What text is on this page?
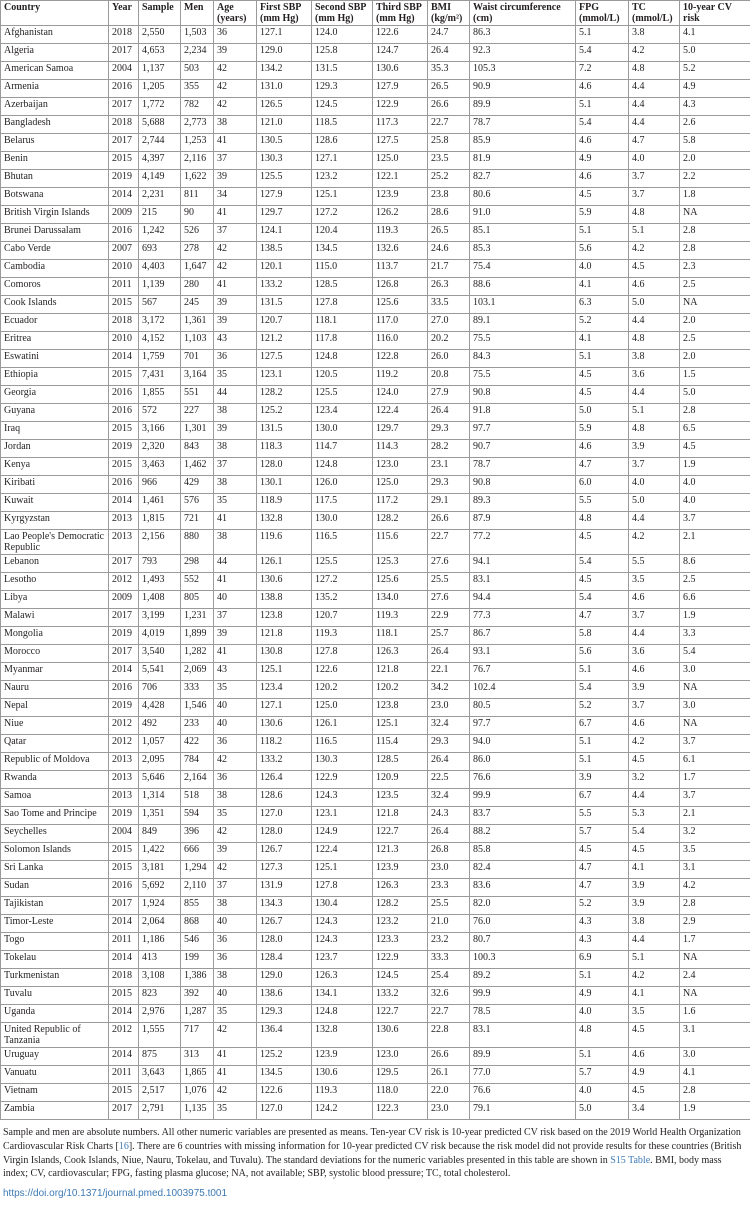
Country	Year	Sample	Men	Age (years)	First SBP (mm Hg)	Second SBP (mm Hg)	Third SBP (mm Hg)	BMI (kg/m²)	Waist circumference (cm)	FPG (mmol/L)	TC (mmol/L)	10-year CV risk
Afghanistan	2018	2,550	1,503	36	127.1	124.0	122.6	24.7	86.3	5.1	3.8	4.1
Algeria	2017	4,653	2,234	39	129.0	125.8	124.7	26.4	92.3	5.4	4.2	5.0
American Samoa	2004	1,137	503	42	134.2	131.5	130.6	35.3	105.3	7.2	4.8	5.2
Armenia	2016	1,205	355	42	131.0	129.3	127.9	26.5	90.9	4.6	4.4	4.9
Azerbaijan	2017	1,772	782	42	126.5	124.5	122.9	26.6	89.9	5.1	4.4	4.3
Bangladesh	2018	5,688	2,773	38	121.0	118.5	117.3	22.7	78.7	5.4	4.4	2.6
Belarus	2017	2,744	1,253	41	130.5	128.6	127.5	25.8	85.9	4.6	4.7	5.8
Benin	2015	4,397	2,116	37	130.3	127.1	125.0	23.5	81.9	4.9	4.0	2.0
Bhutan	2019	4,149	1,622	39	125.5	123.2	122.1	25.2	82.7	4.6	3.7	2.2
Botswana	2014	2,231	811	34	127.9	125.1	123.9	23.8	80.6	4.5	3.7	1.8
British Virgin Islands	2009	215	90	41	129.7	127.2	126.2	28.6	91.0	5.9	4.8	NA
Brunei Darussalam	2016	1,242	526	37	124.1	120.4	119.3	26.5	85.1	5.1	5.1	2.8
Cabo Verde	2007	693	278	42	138.5	134.5	132.6	24.6	85.3	5.6	4.2	2.8
Cambodia	2010	4,403	1,647	42	120.1	115.0	113.7	21.7	75.4	4.0	4.5	2.3
Comoros	2011	1,139	280	41	133.2	128.5	126.8	26.3	88.6	4.1	4.6	2.5
Cook Islands	2015	567	245	39	131.5	127.8	125.6	33.5	103.1	6.3	5.0	NA
Ecuador	2018	3,172	1,361	39	120.7	118.1	117.0	27.0	89.1	5.2	4.4	2.0
Eritrea	2010	4,152	1,103	43	121.2	117.8	116.0	20.2	75.5	4.1	4.8	2.5
Eswatini	2014	1,759	701	36	127.5	124.8	122.8	26.0	84.3	5.1	3.8	2.0
Ethiopia	2015	7,431	3,164	35	123.1	120.5	119.2	20.8	75.5	4.5	3.6	1.5
Georgia	2016	1,855	551	44	128.2	125.5	124.0	27.9	90.8	4.5	4.4	5.0
Guyana	2016	572	227	38	125.2	123.4	122.4	26.4	91.8	5.0	5.1	2.8
Iraq	2015	3,166	1,301	39	131.5	130.0	129.7	29.3	97.7	5.9	4.8	6.5
Jordan	2019	2,320	843	38	118.3	114.7	114.3	28.2	90.7	4.6	3.9	4.5
Kenya	2015	3,463	1,462	37	128.0	124.8	123.0	23.1	78.7	4.7	3.7	1.9
Kiribati	2016	966	429	38	130.1	126.0	125.0	29.3	90.8	6.0	4.0	4.0
Kuwait	2014	1,461	576	35	118.9	117.5	117.2	29.1	89.3	5.5	5.0	4.0
Kyrgyzstan	2013	1,815	721	41	132.8	130.0	128.2	26.6	87.9	4.8	4.4	3.7
Lao People's Democratic Republic	2013	2,156	880	38	119.6	116.5	115.6	22.7	77.2	4.5	4.2	2.1
Lebanon	2017	793	298	44	126.1	125.5	125.3	27.6	94.1	5.4	5.5	8.6
Lesotho	2012	1,493	552	41	130.6	127.2	125.6	25.5	83.1	4.5	3.5	2.5
Libya	2009	1,408	805	40	138.8	135.2	134.0	27.6	94.4	5.4	4.6	6.6
Malawi	2017	3,199	1,231	37	123.8	120.7	119.3	22.9	77.3	4.7	3.7	1.9
Mongolia	2019	4,019	1,899	39	121.8	119.3	118.1	25.7	86.7	5.8	4.4	3.3
Morocco	2017	3,540	1,282	41	130.8	127.8	126.3	26.4	93.1	5.6	3.6	5.4
Myanmar	2014	5,541	2,069	43	125.1	122.6	121.8	22.1	76.7	5.1	4.6	3.0
Nauru	2016	706	333	35	123.4	120.2	120.2	34.2	102.4	5.4	3.9	NA
Nepal	2019	4,428	1,546	40	127.1	125.0	123.8	23.0	80.5	5.2	3.7	3.0
Niue	2012	492	233	40	130.6	126.1	125.1	32.4	97.7	6.7	4.6	NA
Qatar	2012	1,057	422	36	118.2	116.5	115.4	29.3	94.0	5.1	4.2	3.7
Republic of Moldova	2013	2,095	784	42	133.2	130.3	128.5	26.4	86.0	5.1	4.5	6.1
Rwanda	2013	5,646	2,164	36	126.4	122.9	120.9	22.5	76.6	3.9	3.2	1.7
Samoa	2013	1,314	518	38	128.6	124.3	123.5	32.4	99.9	6.7	4.4	3.7
Sao Tome and Principe	2019	1,351	594	35	127.0	123.1	121.8	24.3	83.7	5.5	5.3	2.1
Seychelles	2004	849	396	42	128.0	124.9	122.7	26.4	88.2	5.7	5.4	3.2
Solomon Islands	2015	1,422	666	39	126.7	122.4	121.3	26.8	85.8	4.5	4.5	3.5
Sri Lanka	2015	3,181	1,294	42	127.3	125.1	123.9	23.0	82.4	4.7	4.1	3.1
Sudan	2016	5,692	2,110	37	131.9	127.8	126.3	23.3	83.6	4.7	3.9	4.2
Tajikistan	2017	1,924	855	38	134.3	130.4	128.2	25.5	82.0	5.2	3.9	2.8
Timor-Leste	2014	2,064	868	40	126.7	124.3	123.2	21.0	76.0	4.3	3.8	2.9
Togo	2011	1,186	546	36	128.0	124.3	123.3	23.2	80.7	4.3	4.4	1.7
Tokelau	2014	413	199	36	128.4	123.7	122.9	33.3	100.3	6.9	5.1	NA
Turkmenistan	2018	3,108	1,386	38	129.0	126.3	124.5	25.4	89.2	5.1	4.2	2.4
Tuvalu	2015	823	392	40	138.6	134.1	133.2	32.6	99.9	4.9	4.1	NA
Uganda	2014	2,976	1,287	35	129.3	124.8	122.7	22.7	78.5	4.0	3.5	1.6
United Republic of Tanzania	2012	1,555	717	42	136.4	132.8	130.6	22.8	83.1	4.8	4.5	3.1
Uruguay	2014	875	313	41	125.2	123.9	123.0	26.6	89.9	5.1	4.6	3.0
Vanuatu	2011	3,643	1,865	41	134.5	130.6	129.5	26.1	77.0	5.7	4.9	4.1
Vietnam	2015	2,517	1,076	42	122.6	119.3	118.0	22.0	76.6	4.0	4.5	2.8
Zambia	2017	2,791	1,135	35	127.0	124.2	122.3	23.0	79.1	5.0	3.4	1.9
Sample and men are absolute numbers. All other numeric variables are presented as means. Ten-year CV risk is 10-year predicted CV risk based on the 2019 World Health Organization Cardiovascular Risk Charts [16]. There are 6 countries with missing information for 10-year predicted CV risk because the risk model did not provide results for these countries (British Virgin Islands, Cook Islands, Niue, Nauru, Tokelau, and Tuvalu). The standard deviations for the numeric variables presented in this table are shown in S15 Table. BMI, body mass index; CV, cardiovascular; FPG, fasting plasma glucose; NA, not available; SBP, systolic blood pressure; TC, total cholesterol.
https://doi.org/10.1371/journal.pmed.1003975.t001
